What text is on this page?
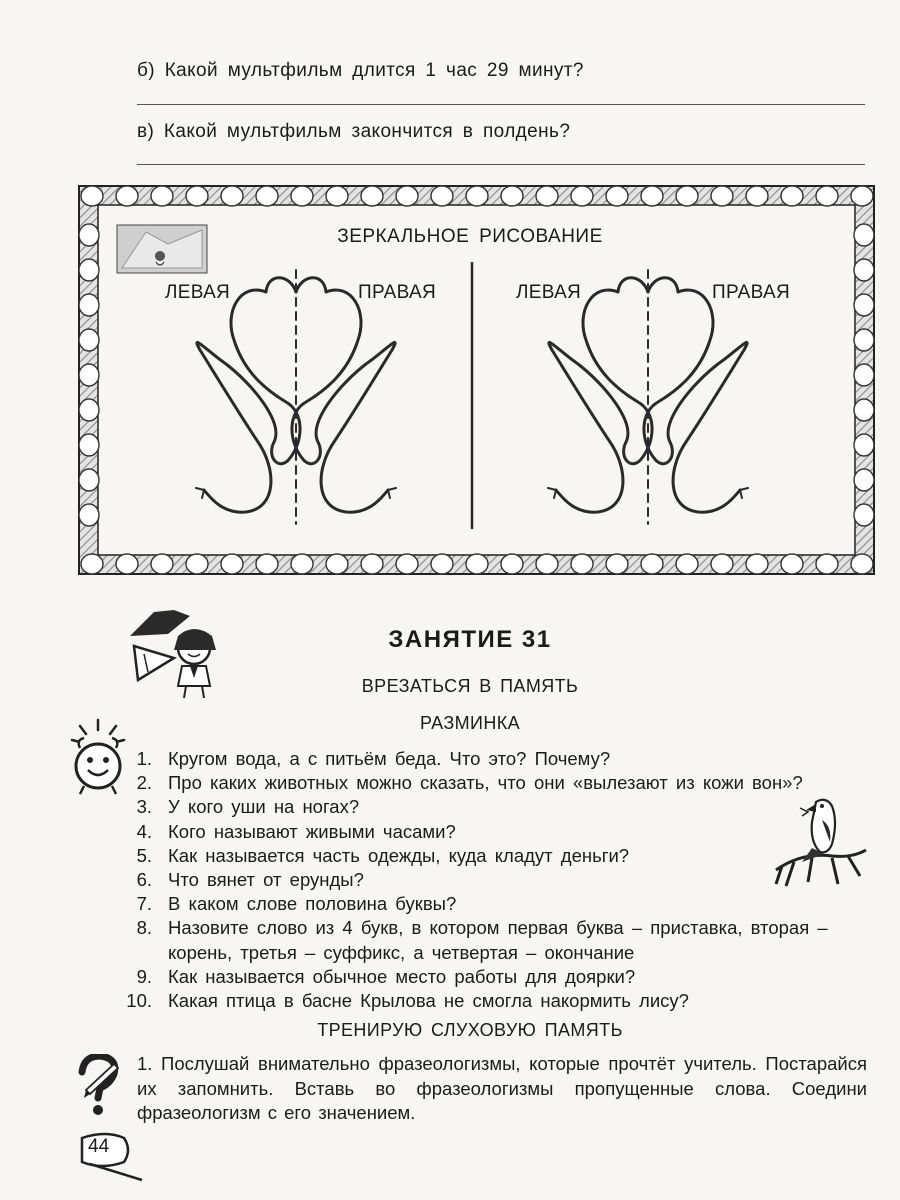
б) Какой мультфильм длится 1 час 29 минут?
в) Какой мультфильм закончится в полдень?
ЗЕРКАЛЬНОЕ РИСОВАНИЕ
ЛЕВАЯ	ПРАВАЯ	ЛЕВАЯ	ПРАВАЯ
ЗАНЯТИЕ 31
ВРЕЗАТЬСЯ В ПАМЯТЬ
РАЗМИНКА
1. Кругом вода, а с питьём беда. Что это? Почему?
2. Про каких животных можно сказать, что они «вылезают из кожи вон»?
3. У кого уши на ногах?
4. Кого называют живыми часами?
5. Как называется часть одежды, куда кладут деньги?
6. Что вянет от ерунды?
7. В каком слове половина буквы?
8. Назовите слово из 4 букв, в котором первая буква – приставка, вторая – корень, третья – суффикс, а четвертая – окончание
9. Как называется обычное место работы для доярки?
10. Какая птица в басне Крылова не смогла накормить лису?
ТРЕНИРУЮ СЛУХОВУЮ ПАМЯТЬ
1. Послушай внимательно фразеологизмы, которые прочтёт учитель. Постарайся их запомнить. Вставь во фразеологизмы пропущенные слова. Соедини фразеологизм с его значением.
44
